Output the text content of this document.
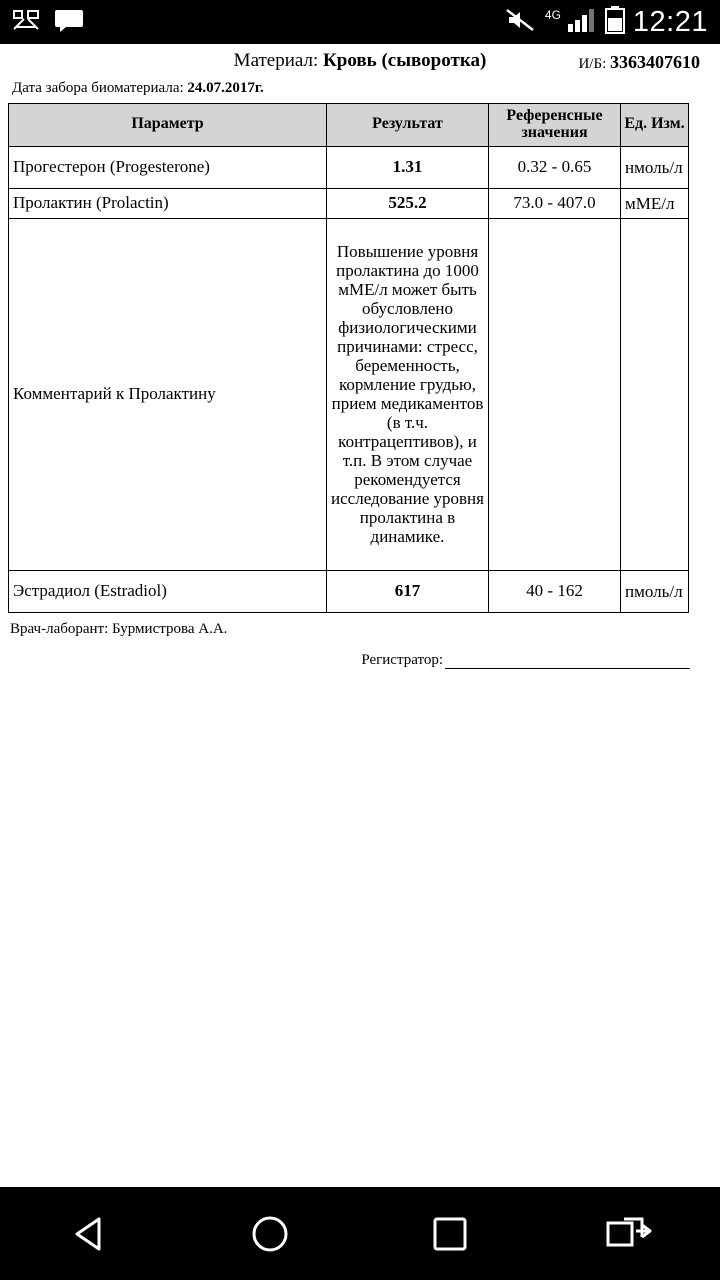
4G 12:21
Материал: Кровь (сыворотка)	И/Б: 3363407610
Дата забора биоматериала: 24.07.2017г.
Параметр	Результат	Референсные значения	Ед. Изм.
Прогестерон (Progesterone)	1.31	0.32 - 0.65	нмоль/л
Пролактин (Prolactin)	525.2	73.0 - 407.0	мМЕ/л
Комментарий к Пролактину	Повышение уровня пролактина до 1000 мМЕ/л может быть обусловлено физиологическими причинами: стресс, беременность, кормление грудью, прием медикаментов (в т.ч. контрацептивов), и т.п. В этом случае рекомендуется исследование уровня пролактина в динамике.		
Эстрадиол (Estradiol)	617	40 - 162	пмоль/л
Врач-лаборант: Бурмистрова А.А.
Регистратор:
